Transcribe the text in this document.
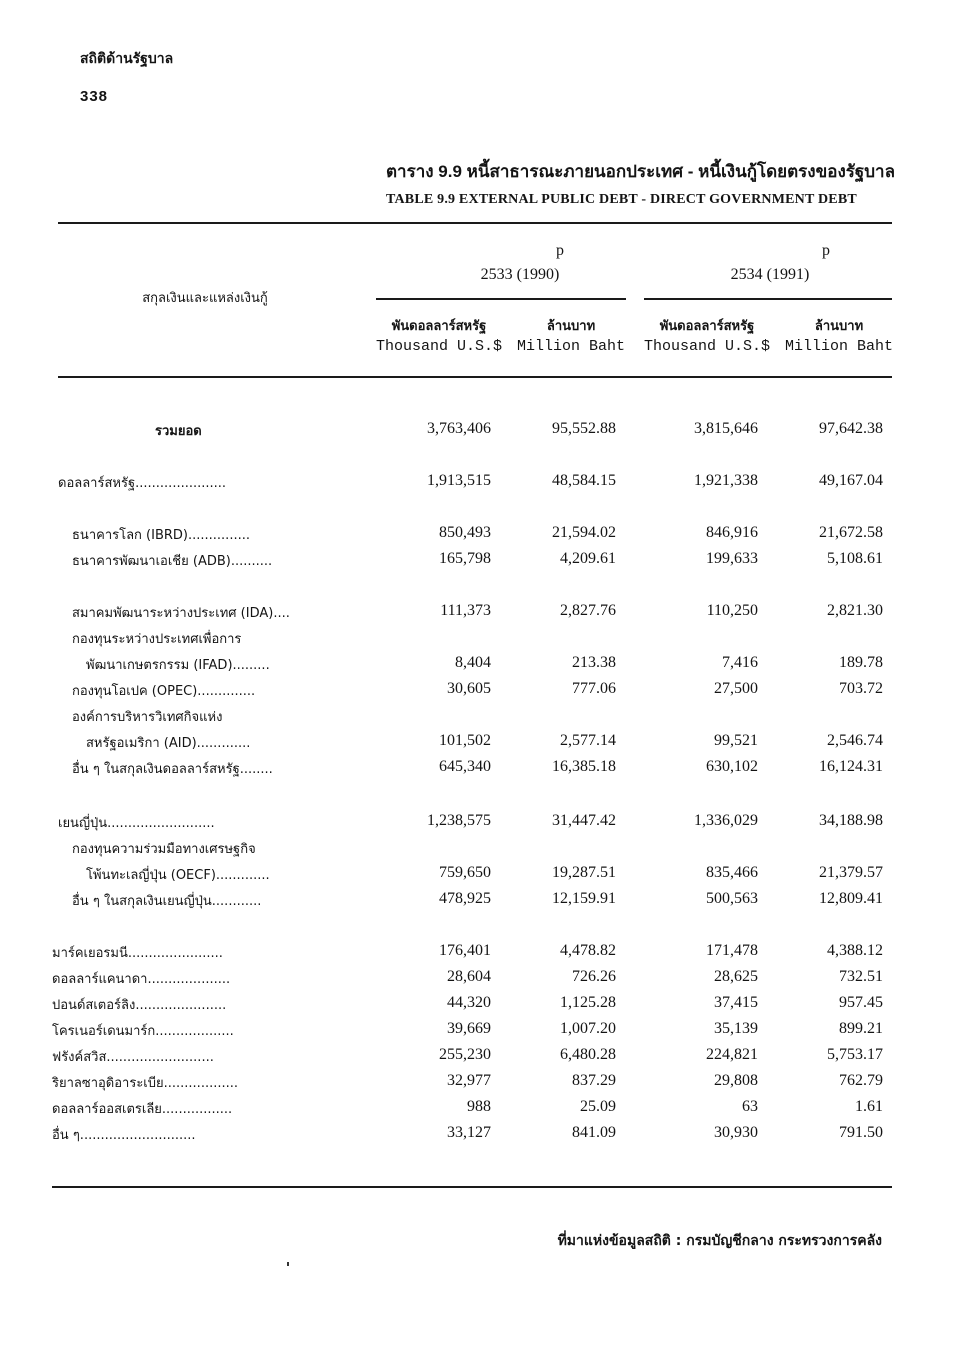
สถิติด้านรัฐบาล
338
ตาราง 9.9 หนี้สาธารณะภายนอกประเทศ - หนี้เงินกู้โดยตรงของรัฐบาล
TABLE 9.9 EXTERNAL PUBLIC DEBT - DIRECT GOVERNMENT DEBT
สกุลเงินและแหล่งเงินกู้
p
2533 (1990)
p
2534 (1991)
พันดอลลาร์สหรัฐ
Thousand U.S.$
ล้านบาท
Million Baht
พันดอลลาร์สหรัฐ
Thousand U.S.$
ล้านบาท
Million Baht
รวมยอด	3,763,406	95,552.88	3,815,646	97,642.38
ดอลลาร์สหรัฐ......................	1,913,515	48,584.15	1,921,338	49,167.04
ธนาคารโลก (IBRD)...............	850,493	21,594.02	846,916	21,672.58
ธนาคารพัฒนาเอเชีย (ADB)..........	165,798	4,209.61	199,633	5,108.61
สมาคมพัฒนาระหว่างประเทศ (IDA)....	111,373	2,827.76	110,250	2,821.30
กองทุนระหว่างประเทศเพื่อการ
พัฒนาเกษตรกรรม (IFAD).........	8,404	213.38	7,416	189.78
กองทุนโอเปค (OPEC)..............	30,605	777.06	27,500	703.72
องค์การบริหารวิเทศกิจแห่ง
สหรัฐอเมริกา (AID).............	101,502	2,577.14	99,521	2,546.74
อื่น ๆ ในสกุลเงินดอลลาร์สหรัฐ........	645,340	16,385.18	630,102	16,124.31
เยนญี่ปุ่น..........................	1,238,575	31,447.42	1,336,029	34,188.98
กองทุนความร่วมมือทางเศรษฐกิจ
โพ้นทะเลญี่ปุ่น (OECF).............	759,650	19,287.51	835,466	21,379.57
อื่น ๆ ในสกุลเงินเยนญี่ปุ่น............	478,925	12,159.91	500,563	12,809.41
มาร์คเยอรมนี.......................	176,401	4,478.82	171,478	4,388.12
ดอลลาร์แคนาดา....................	28,604	726.26	28,625	732.51
ปอนด์สเตอร์ลิง......................	44,320	1,125.28	37,415	957.45
โครเนอร์เดนมาร์ก...................	39,669	1,007.20	35,139	899.21
ฟรังค์สวิส..........................	255,230	6,480.28	224,821	5,753.17
ริยาลซาอุดิอาระเบีย..................	32,977	837.29	29,808	762.79
ดอลลาร์ออสเตรเลีย.................	988	25.09	63	1.61
อื่น ๆ............................	33,127	841.09	30,930	791.50
ที่มาแห่งข้อมูลสถิติ : กรมบัญชีกลาง กระทรวงการคลัง
